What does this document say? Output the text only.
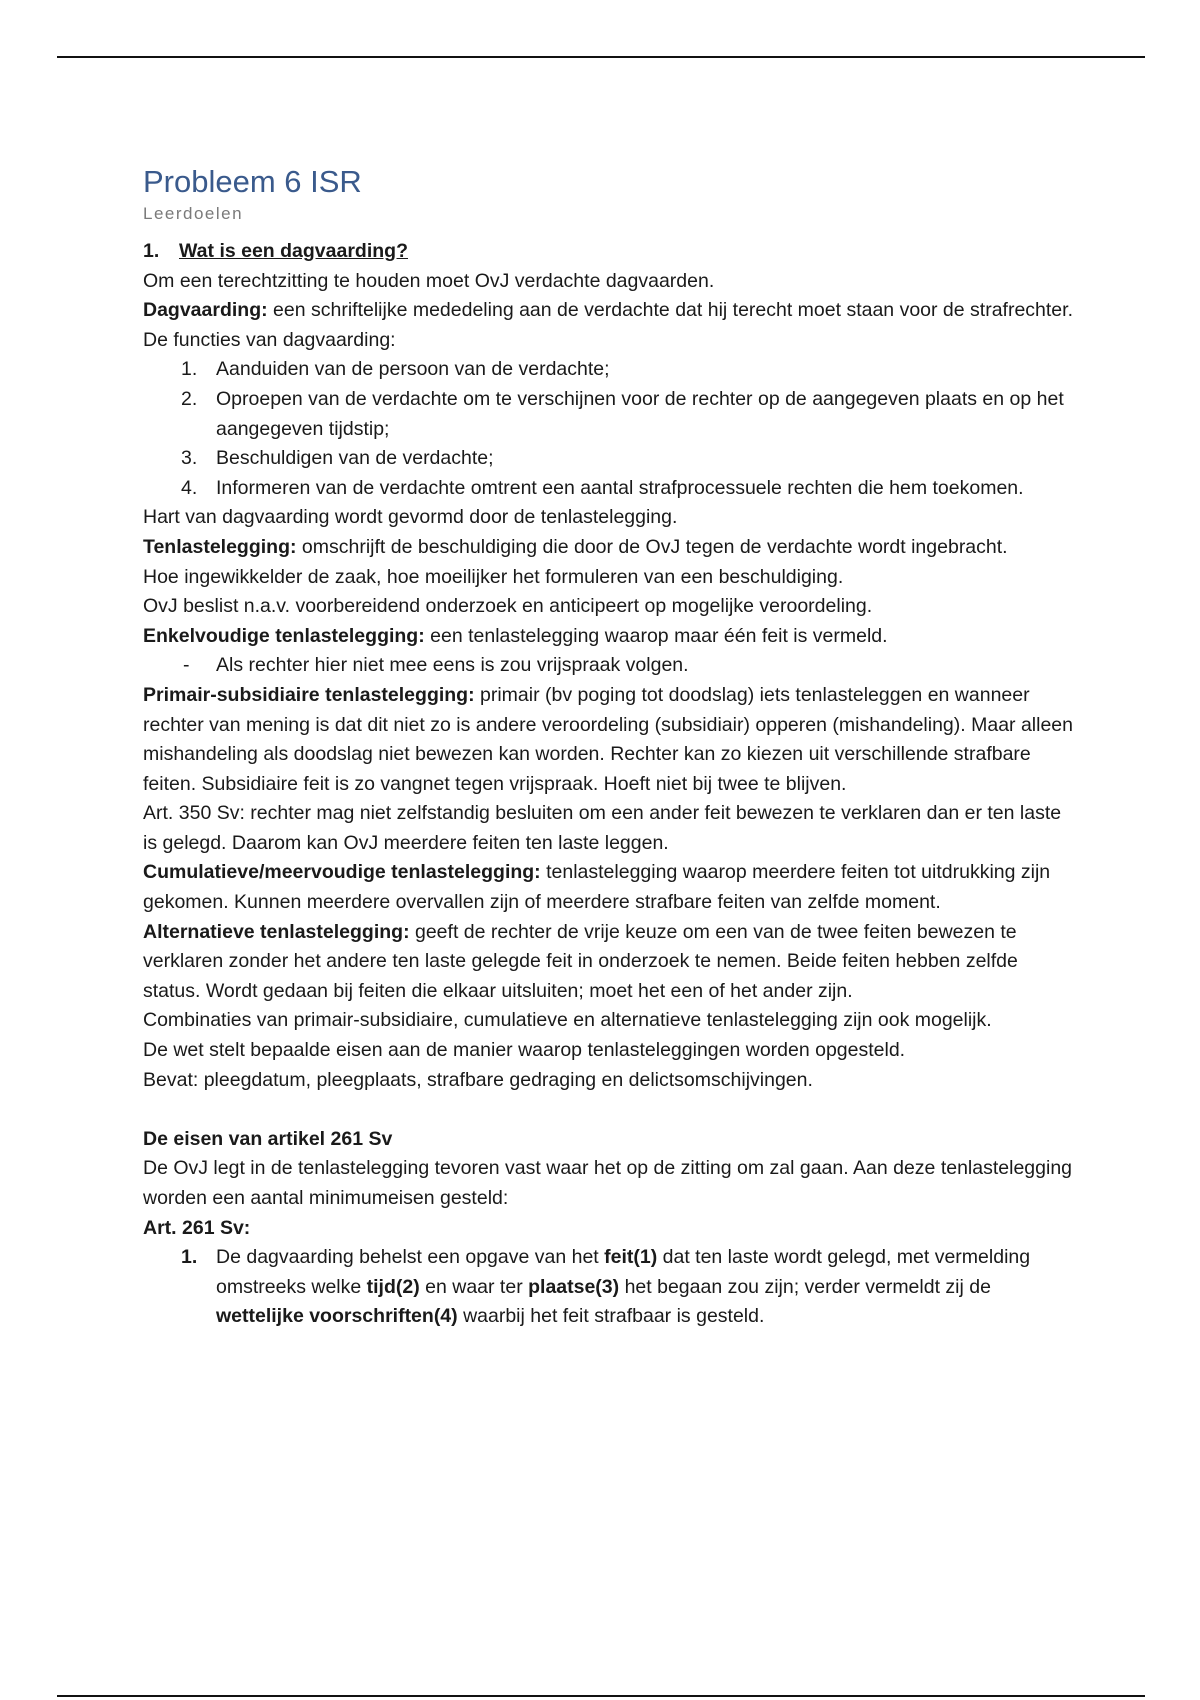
Probleem 6 ISR
Leerdoelen

1. Wat is een dagvaarding?

Om een terechtzitting te houden moet OvJ verdachte dagvaarden.

Dagvaarding: een schriftelijke mededeling aan de verdachte dat hij terecht moet staan voor de strafrechter.

De functies van dagvaarding:

1. Aanduiden van de persoon van de verdachte;
2. Oproepen van de verdachte om te verschijnen voor de rechter op de aangegeven plaats en op het aangegeven tijdstip;
3. Beschuldigen van de verdachte;
4. Informeren van de verdachte omtrent een aantal strafprocessuele rechten die hem toekomen.

Hart van dagvaarding wordt gevormd door de tenlastelegging.

Tenlastelegging: omschrijft de beschuldiging die door de OvJ tegen de verdachte wordt ingebracht.

Hoe ingewikkelder de zaak, hoe moeilijker het formuleren van een beschuldiging.

OvJ beslist n.a.v. voorbereidend onderzoek en anticipeert op mogelijke veroordeling.

Enkelvoudige tenlastelegging: een tenlastelegging waarop maar één feit is vermeld.

- Als rechter hier niet mee eens is zou vrijspraak volgen.

Primair-subsidiaire tenlastelegging: primair (bv poging tot doodslag) iets tenlasteleggen en wanneer rechter van mening is dat dit niet zo is andere veroordeling (subsidiair) opperen (mishandeling). Maar alleen mishandeling als doodslag niet bewezen kan worden. Rechter kan zo kiezen uit verschillende strafbare feiten. Subsidiaire feit is zo vangnet tegen vrijspraak. Hoeft niet bij twee te blijven.

Art. 350 Sv: rechter mag niet zelfstandig besluiten om een ander feit bewezen te verklaren dan er ten laste is gelegd. Daarom kan OvJ meerdere feiten ten laste leggen.

Cumulatieve/meervoudige tenlastelegging: tenlastelegging waarop meerdere feiten tot uitdrukking zijn gekomen. Kunnen meerdere overvallen zijn of meerdere strafbare feiten van zelfde moment.

Alternatieve tenlastelegging: geeft de rechter de vrije keuze om een van de twee feiten bewezen te verklaren zonder het andere ten laste gelegde feit in onderzoek te nemen. Beide feiten hebben zelfde status. Wordt gedaan bij feiten die elkaar uitsluiten; moet het een of het ander zijn.

Combinaties van primair-subsidiaire, cumulatieve en alternatieve tenlastelegging zijn ook mogelijk.

De wet stelt bepaalde eisen aan de manier waarop tenlasteleggingen worden opgesteld.

Bevat: pleegdatum, pleegplaats, strafbare gedraging en delictsomschijvingen.

De eisen van artikel 261 Sv

De OvJ legt in de tenlastelegging tevoren vast waar het op de zitting om zal gaan. Aan deze tenlastelegging worden een aantal minimumeisen gesteld:

Art. 261 Sv:

1. De dagvaarding behelst een opgave van het feit(1) dat ten laste wordt gelegd, met vermelding omstreeks welke tijd(2) en waar ter plaatse(3) het begaan zou zijn; verder vermeldt zij de wettelijke voorschriften(4) waarbij het feit strafbaar is gesteld.
